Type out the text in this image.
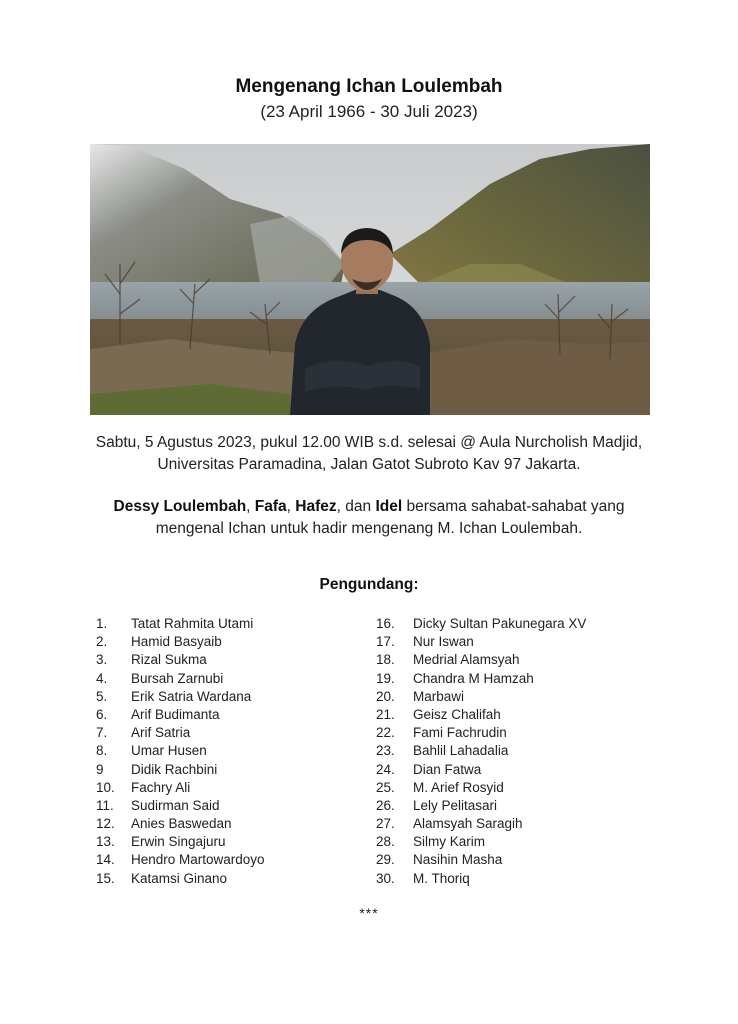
Mengenang Ichan Loulembah
(23 April 1966 - 30 Juli 2023)
Sabtu, 5 Agustus 2023, pukul 12.00 WIB s.d. selesai @ Aula Nurcholish Madjid,
Universitas Paramadina, Jalan Gatot Subroto Kav 97 Jakarta.
Dessy Loulembah, Fafa, Hafez, dan Idel bersama sahabat-sahabat yang
mengenal Ichan untuk hadir mengenang M. Ichan Loulembah.
Pengundang:
1. Tatat Rahmita Utami
2. Hamid Basyaib
3. Rizal Sukma
4. Bursah Zarnubi
5. Erik Satria Wardana
6. Arif Budimanta
7. Arif Satria
8. Umar Husen
9 Didik Rachbini
10. Fachry Ali
11. Sudirman Said
12. Anies Baswedan
13. Erwin Singajuru
14. Hendro Martowardoyo
15. Katamsi Ginano
16. Dicky Sultan Pakunegara XV
17. Nur Iswan
18. Medrial Alamsyah
19. Chandra M Hamzah
20. Marbawi
21. Geisz Chalifah
22. Fami Fachrudin
23. Bahlil Lahadalia
24. Dian Fatwa
25. M. Arief Rosyid
26. Lely Pelitasari
27. Alamsyah Saragih
28. Silmy Karim
29. Nasihin Masha
30. M. Thoriq
***
